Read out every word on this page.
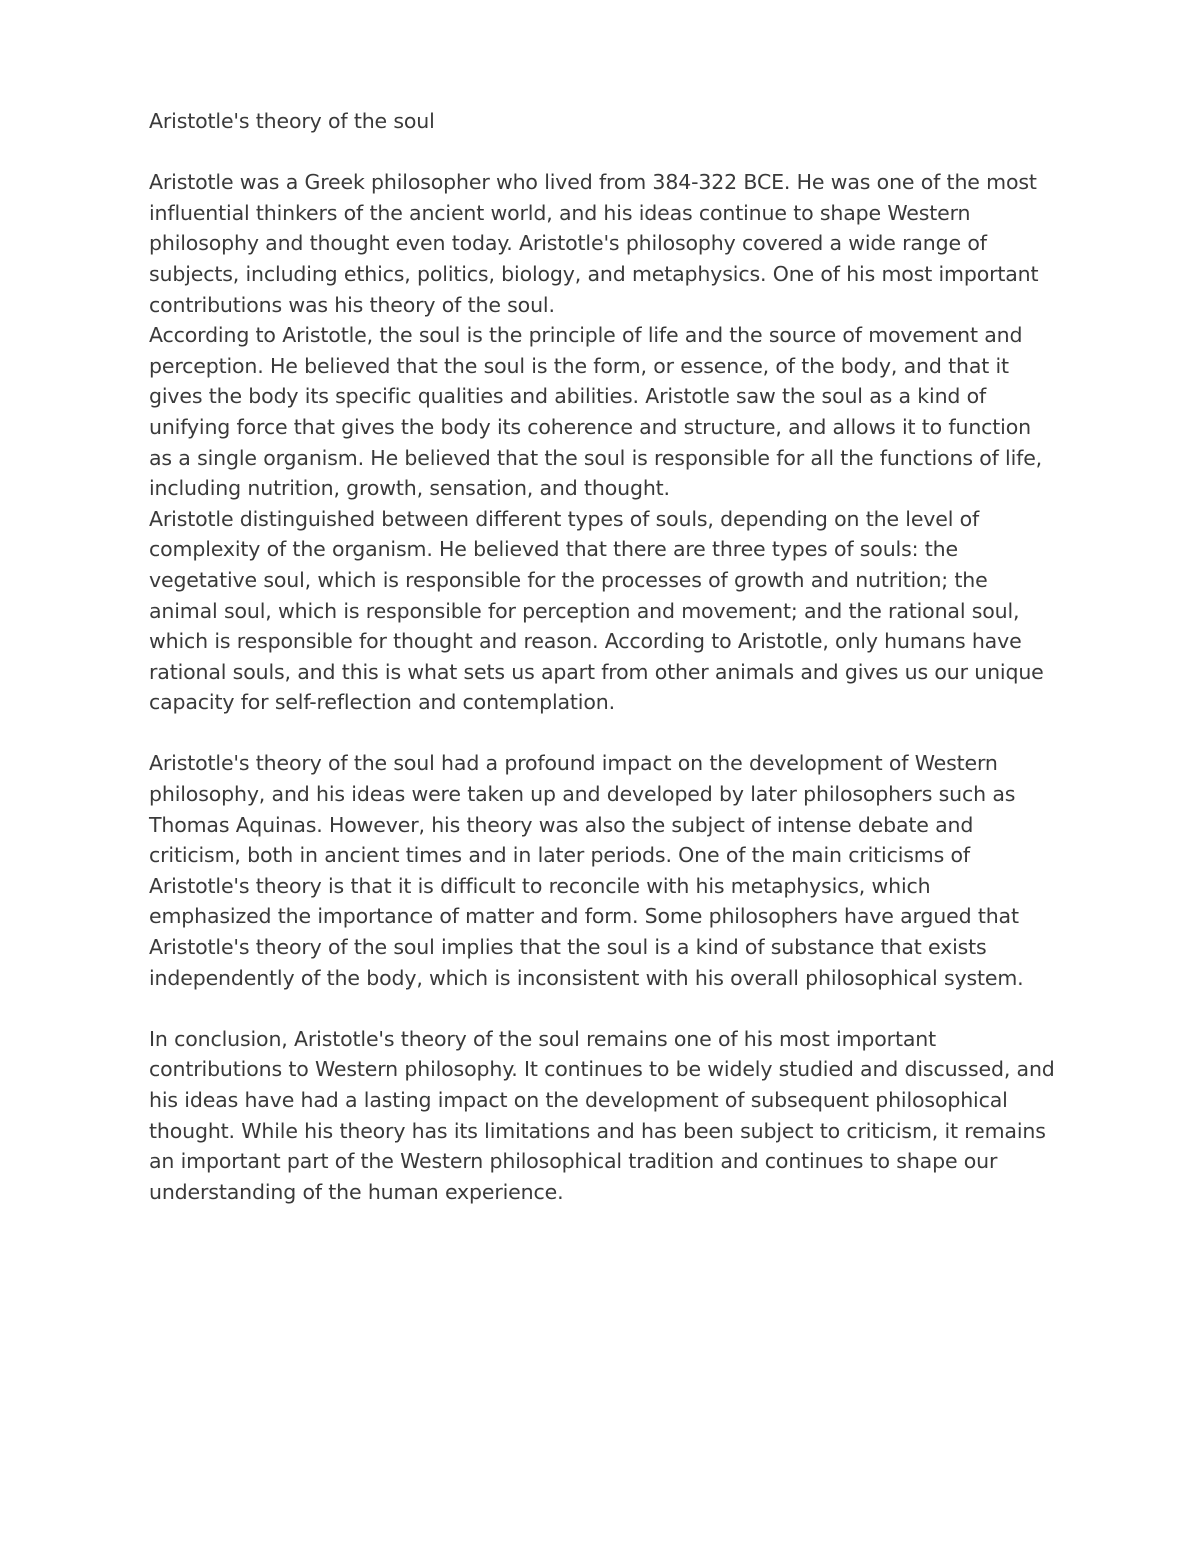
Aristotle's theory of the soul

Aristotle was a Greek philosopher who lived from 384-322 BCE. He was one of the most influential thinkers of the ancient world, and his ideas continue to shape Western philosophy and thought even today. Aristotle's philosophy covered a wide range of subjects, including ethics, politics, biology, and metaphysics. One of his most important contributions was his theory of the soul.

According to Aristotle, the soul is the principle of life and the source of movement and perception. He believed that the soul is the form, or essence, of the body, and that it gives the body its specific qualities and abilities. Aristotle saw the soul as a kind of unifying force that gives the body its coherence and structure, and allows it to function as a single organism. He believed that the soul is responsible for all the functions of life, including nutrition, growth, sensation, and thought.

Aristotle distinguished between different types of souls, depending on the level of complexity of the organism. He believed that there are three types of souls: the vegetative soul, which is responsible for the processes of growth and nutrition; the animal soul, which is responsible for perception and movement; and the rational soul, which is responsible for thought and reason. According to Aristotle, only humans have rational souls, and this is what sets us apart from other animals and gives us our unique capacity for self-reflection and contemplation.

Aristotle's theory of the soul had a profound impact on the development of Western philosophy, and his ideas were taken up and developed by later philosophers such as Thomas Aquinas. However, his theory was also the subject of intense debate and criticism, both in ancient times and in later periods. One of the main criticisms of Aristotle's theory is that it is difficult to reconcile with his metaphysics, which emphasized the importance of matter and form. Some philosophers have argued that Aristotle's theory of the soul implies that the soul is a kind of substance that exists independently of the body, which is inconsistent with his overall philosophical system.

In conclusion, Aristotle's theory of the soul remains one of his most important contributions to Western philosophy. It continues to be widely studied and discussed, and his ideas have had a lasting impact on the development of subsequent philosophical thought. While his theory has its limitations and has been subject to criticism, it remains an important part of the Western philosophical tradition and continues to shape our understanding of the human experience.
